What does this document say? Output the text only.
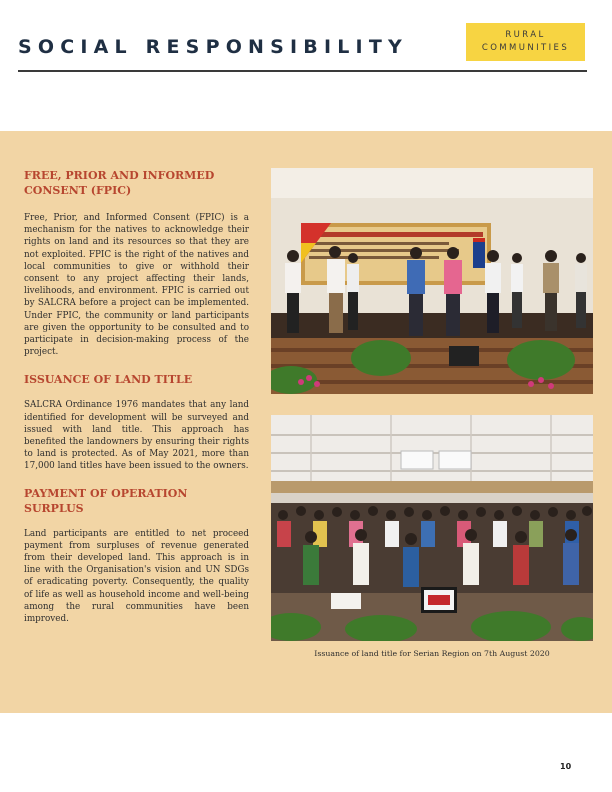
SOCIAL RESPONSIBILITY
RURAL
COMMUNITIES
FREE, PRIOR AND INFORMED CONSENT (FPIC)

Free, Prior, and Informed Consent (FPIC) is a mechanism for the natives to acknowledge their rights on land and its resources so that they are not exploited. FPIC is the right of the natives and local communities to give or withhold their consent to any project affecting their lands, livelihoods, and environment. FPIC is carried out by SALCRA before a project can be implemented. Under FPIC, the community or land participants are given the opportunity to be consulted and to participate in decision-making process of the project.

ISSUANCE OF LAND TITLE

SALCRA Ordinance 1976 mandates that any land identified for development will be surveyed and issued with land title. This approach has benefited the landowners by ensuring their rights to land is protected. As of May 2021, more than 17,000 land titles have been issued to the owners.

PAYMENT OF OPERATION SURPLUS

Land participants are entitled to net proceed payment from surpluses of revenue generated from their developed land. This approach is in line with the Organisation's vision and UN SDGs of eradicating poverty. Consequently, the quality of life as well as household income and well-being among the rural communities have been improved.

Issuance of land title for Serian Region on 7th August 2020
10
